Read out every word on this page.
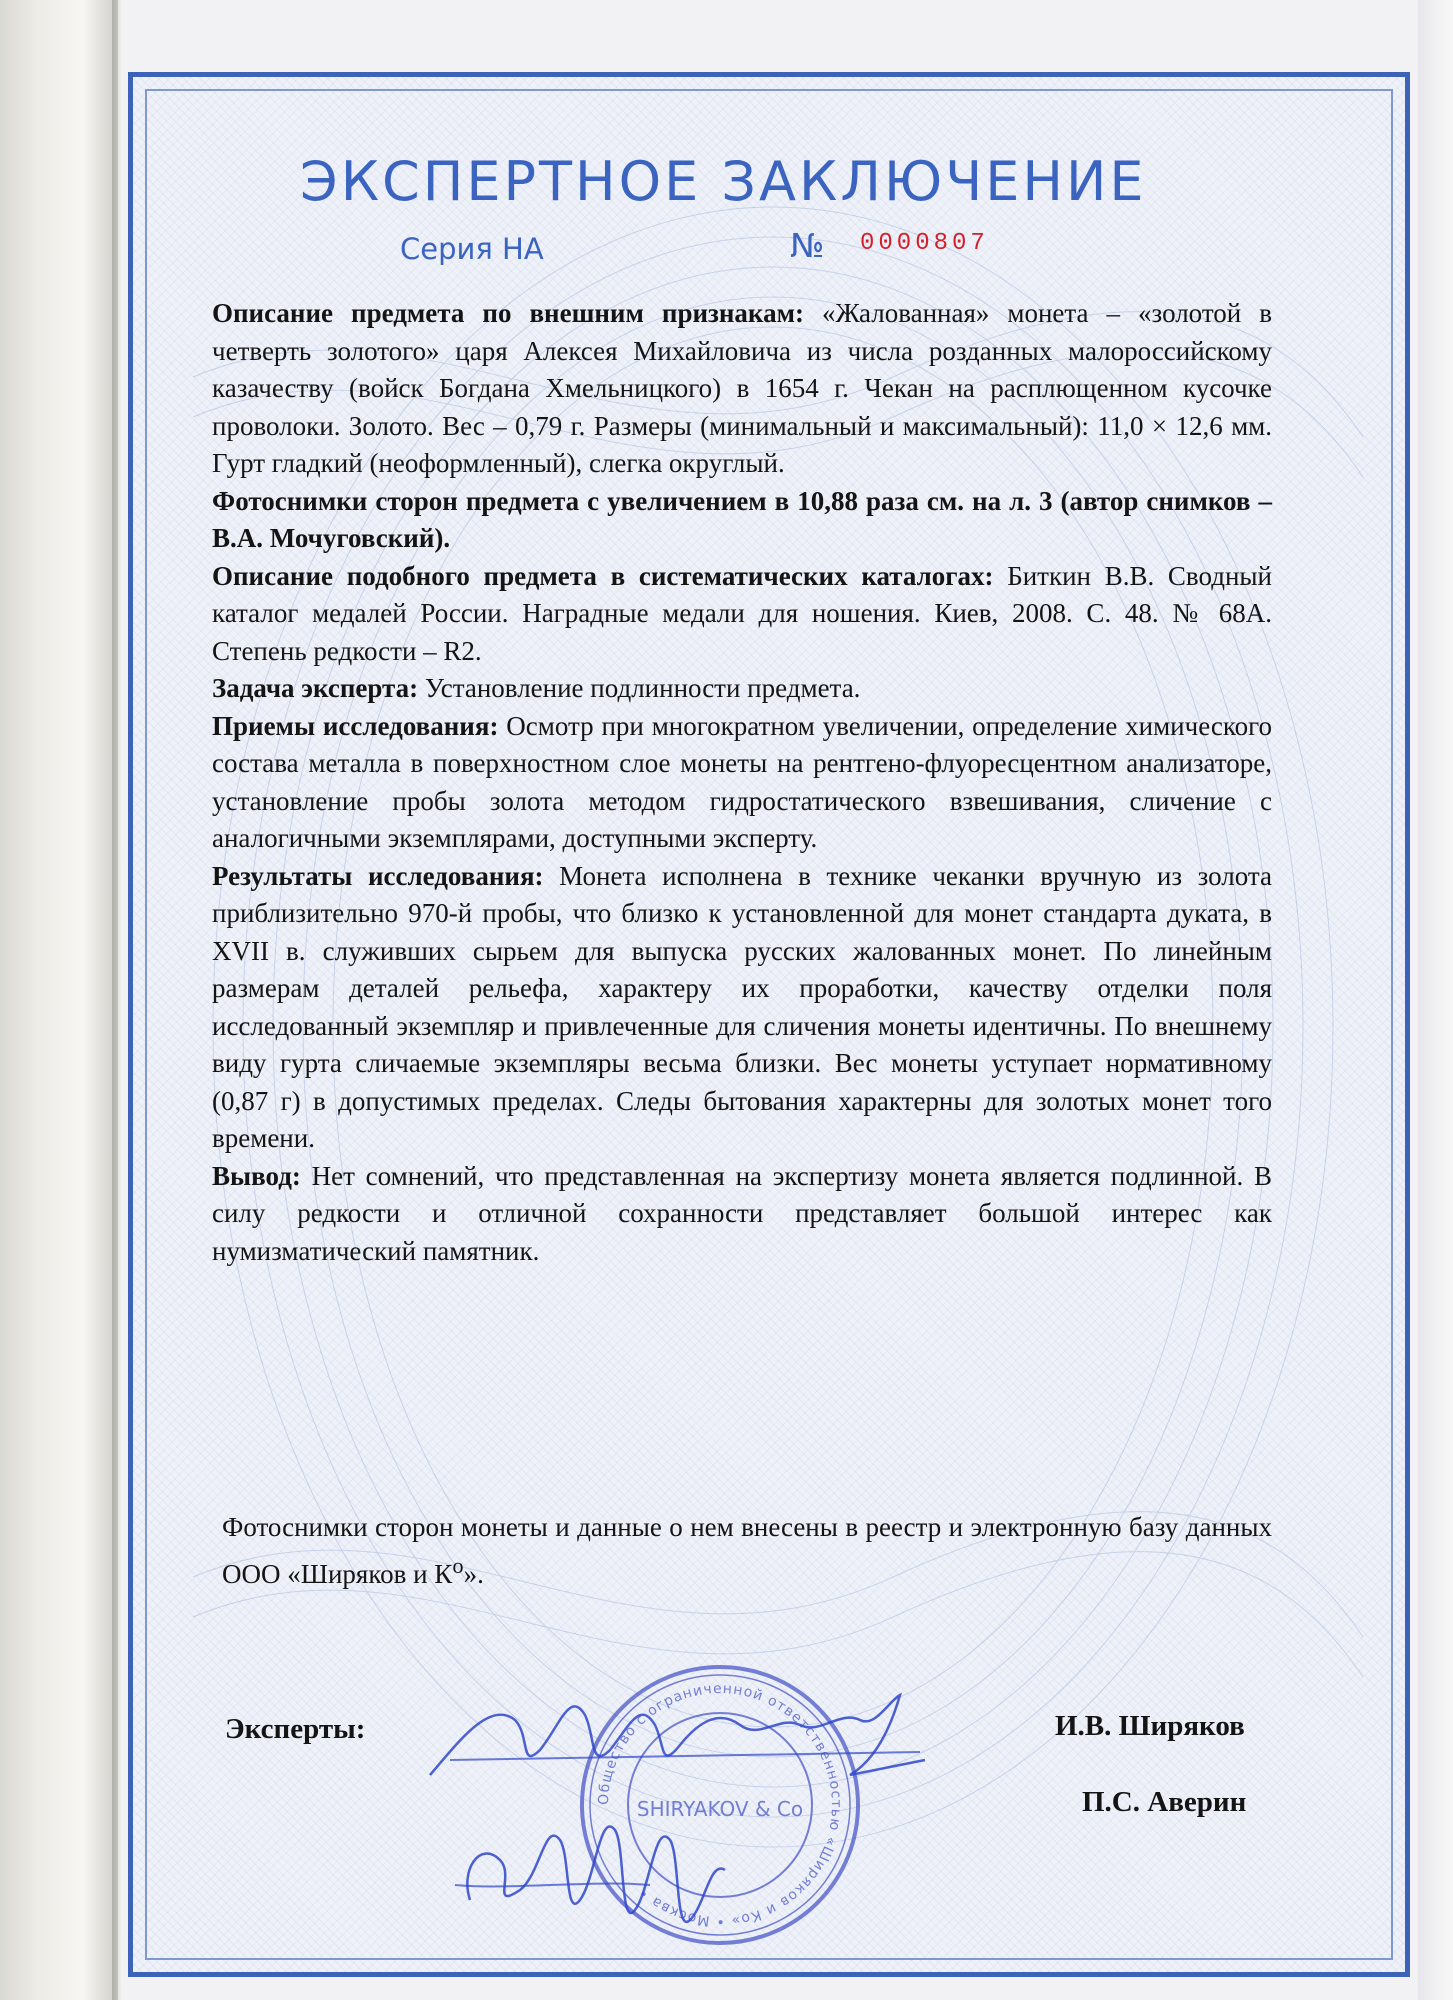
ЭКСПЕРТНОЕ ЗАКЛЮЧЕНИЕ
Серия НА	№ 0000807

Описание предмета по внешним признакам: «Жалованная» монета – «золотой в четверть золотого» царя Алексея Михайловича из числа розданных малороссийскому казачеству (войск Богдана Хмельницкого) в 1654 г. Чекан на расплющенном кусочке проволоки. Золото. Вес – 0,79 г. Размеры (минимальный и максимальный): 11,0 × 12,6 мм. Гурт гладкий (неоформленный), слегка округлый.

Фотоснимки сторон предмета с увеличением в 10,88 раза см. на л. 3 (автор снимков – В.А. Мочуговский).

Описание подобного предмета в систематических каталогах: Биткин В.В. Сводный каталог медалей России. Наградные медали для ношения. Киев, 2008. С. 48. № 68А. Степень редкости – R2.

Задача эксперта: Установление подлинности предмета.

Приемы исследования: Осмотр при многократном увеличении, определение химического состава металла в поверхностном слое монеты на рентгено-флуоресцентном анализаторе, установление пробы золота методом гидростатического взвешивания, сличение с аналогичными экземплярами, доступными эксперту.

Результаты исследования: Монета исполнена в технике чеканки вручную из золота приблизительно 970-й пробы, что близко к установленной для монет стандарта дуката, в XVII в. служивших сырьем для выпуска русских жалованных монет. По линейным размерам деталей рельефа, характеру их проработки, качеству отделки поля исследованный экземпляр и привлеченные для сличения монеты идентичны. По внешнему виду гурта сличаемые экземпляры весьма близки. Вес монеты уступает нормативному (0,87 г) в допустимых пределах. Следы бытования характерны для золотых монет того времени.

Вывод: Нет сомнений, что представленная на экспертизу монета является подлинной. В силу редкости и отличной сохранности представляет большой интерес как нумизматический памятник.

Фотоснимки сторон монеты и данные о нем внесены в реестр и электронную базу данных ООО «Ширяков и $К^о$».
Эксперты:	И.В. Ширяков
П.С. Аверин
Общество с ограниченной ответственностью «Ширяков и Ко» • Москва •
SHIRYAKOV & Co
